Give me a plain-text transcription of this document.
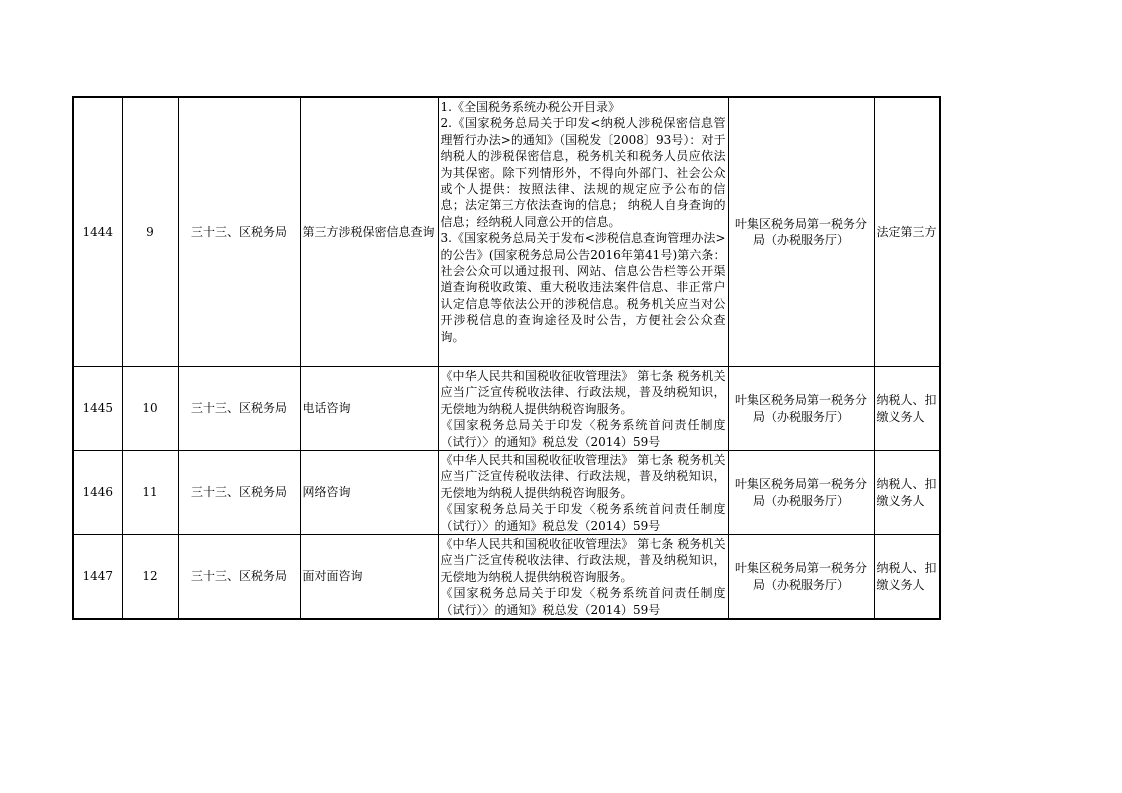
1444	9	三十三、区税务局	第三方涉税保密信息查询	1.《全国税务系统办税公开目录》
2.《国家税务总局关于印发<纳税人涉税保密信息管理暂行办法>的通知》（国税发〔2008〕93号）：对于纳税人的涉税保密信息，税务机关和税务人员应依法为其保密。除下列情形外，不得向外部门、社会公众或个人提供：按照法律、法规的规定应予公布的信息；法定第三方依法查询的信息； 纳税人自身查询的信息；经纳税人同意公开的信息。
3.《国家税务总局关于发布<涉税信息查询管理办法>的公告》(国家税务总局公告2016年第41号)第六条：社会公众可以通过报刊、网站、信息公告栏等公开渠道查询税收政策、重大税收违法案件信息、非正常户认定信息等依法公开的涉税信息。税务机关应当对公开涉税信息的查询途径及时公告，方便社会公众查询。	叶集区税务局第一税务分局（办税服务厅）	法定第三方
1445	10	三十三、区税务局	电话咨询	《中华人民共和国税收征收管理法》 第七条 税务机关应当广泛宣传税收法律、行政法规，普及纳税知识，无偿地为纳税人提供纳税咨询服务。
《国家税务总局关于印发〈税务系统首问责任制度（试行）〉的通知》税总发（2014）59号	叶集区税务局第一税务分局（办税服务厅）	纳税人、扣缴义务人
1446	11	三十三、区税务局	网络咨询	《中华人民共和国税收征收管理法》 第七条 税务机关应当广泛宣传税收法律、行政法规，普及纳税知识，无偿地为纳税人提供纳税咨询服务。
《国家税务总局关于印发〈税务系统首问责任制度（试行）〉的通知》税总发（2014）59号	叶集区税务局第一税务分局（办税服务厅）	纳税人、扣缴义务人
1447	12	三十三、区税务局	面对面咨询	《中华人民共和国税收征收管理法》 第七条 税务机关应当广泛宣传税收法律、行政法规，普及纳税知识，无偿地为纳税人提供纳税咨询服务。
《国家税务总局关于印发〈税务系统首问责任制度（试行）〉的通知》税总发（2014）59号	叶集区税务局第一税务分局（办税服务厅）	纳税人、扣缴义务人
